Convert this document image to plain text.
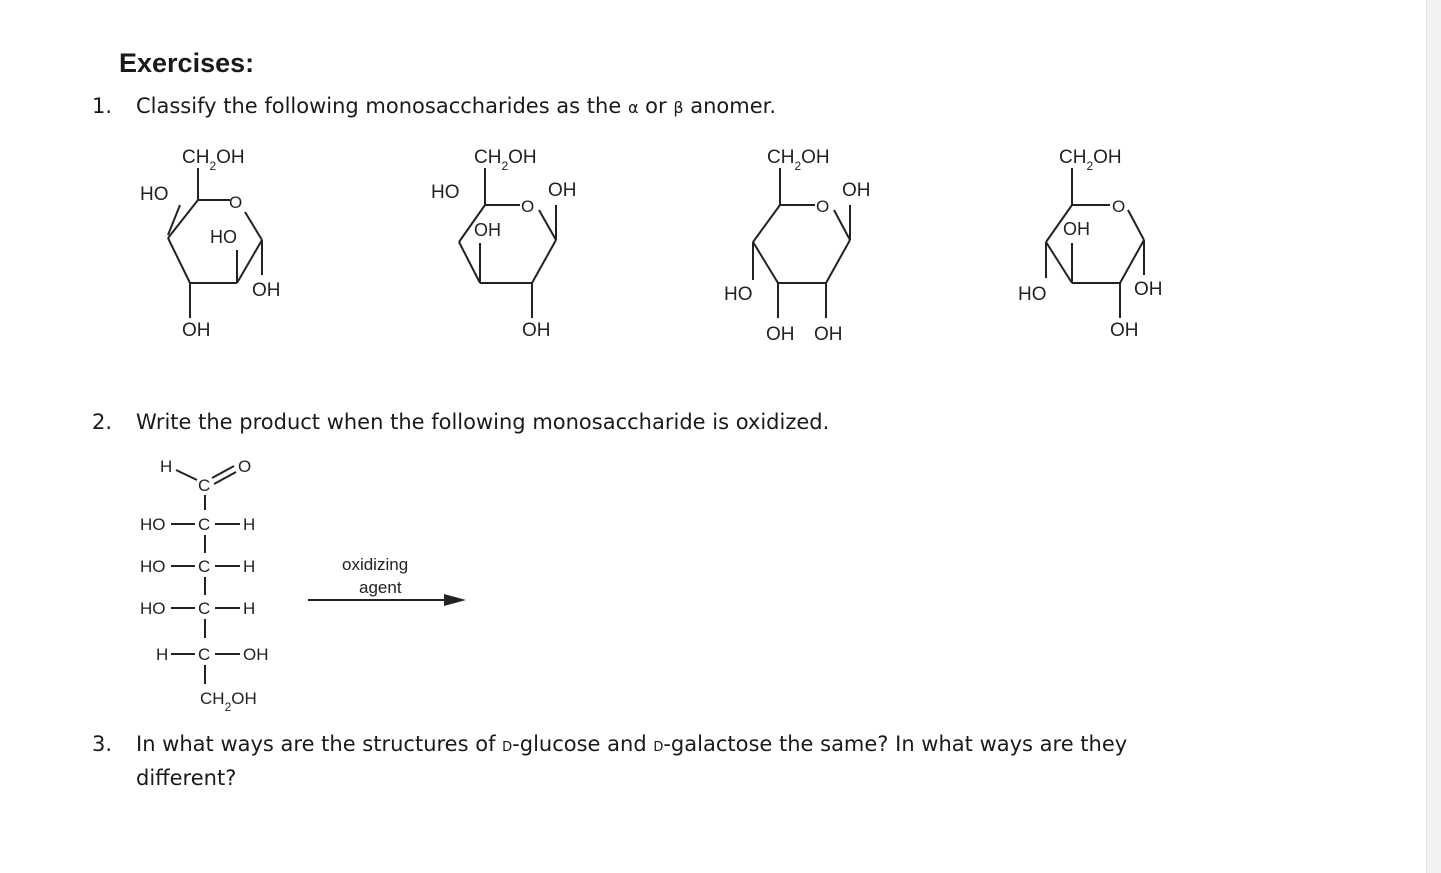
Exercises:
1. Classify the following monosaccharides as the α or β anomer.
2. Write the product when the following monosaccharide is oxidized.
3. In what ways are the structures of d-glucose and d-galactose the same? In what ways are they different?
$CH_2OH$
O
HO
HO
OH
OH
$CH_2OH$
O
HO	OH
OH
OH
$CH_2OH$
O
OH
HO
OH OH
$CH_2OH$
O
OH
HO	OH
OH
H
C
O
HO C H
HO C H
HO C H
H C OH
$CH_2OH$
oxidizing
agent
